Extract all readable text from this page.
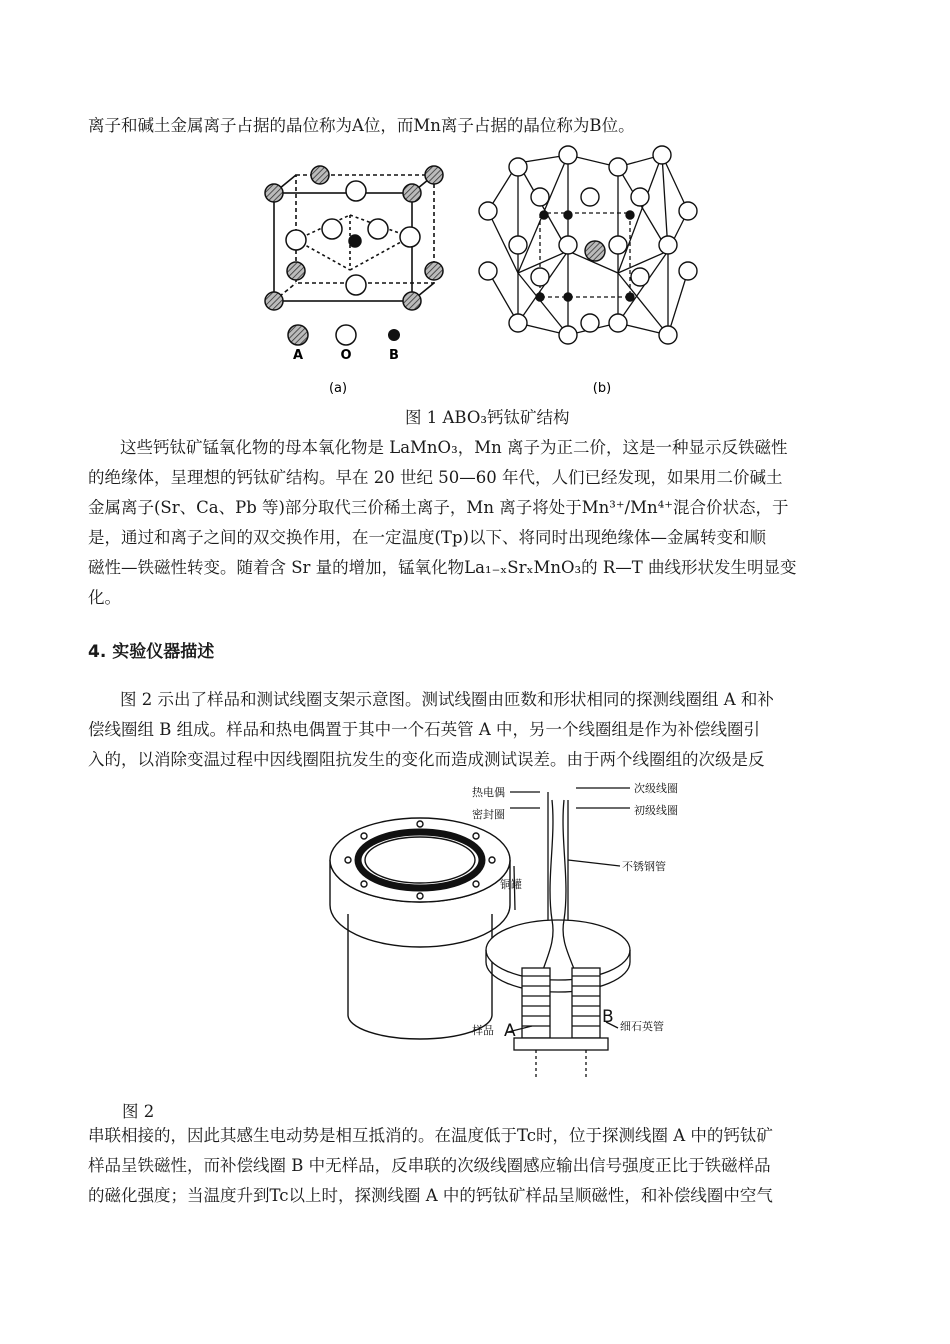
离子和碱土金属离子占据的晶位称为A位，而Mn离子占据的晶位称为B位。
A	O	B
(a)	(b)
图 1 ABO₃钙钛矿结构
这些钙钛矿锰氧化物的母本氧化物是 LaMnO₃，Mn 离子为正二价，这是一种显示反铁磁性
的绝缘体，呈理想的钙钛矿结构。早在 20 世纪 50—60 年代，人们已经发现，如果用二价碱土
金属离子(Sr、Ca、Pb 等)部分取代三价稀土离子，Mn 离子将处于Mn³⁺/Mn⁴⁺混合价状态，于
是，通过和离子之间的双交换作用，在一定温度(Tp)以下、将同时出现绝缘体—金属转变和顺
磁性—铁磁性转变。随着含 Sr 量的增加，锰氧化物La₁₋ₓSrₓMnO₃的 R—T 曲线形状发生明显变
化。
4. 实验仪器描述
图 2 示出了样品和测试线圈支架示意图。测试线圈由匝数和形状相同的探测线圈组 A 和补
偿线圈组 B 组成。样品和热电偶置于其中一个石英管 A 中，另一个线圈组是作为补偿线圈引
入的，以消除变温过程中因线圈阻抗发生的变化而造成测试误差。由于两个线圈组的次级是反
热电偶
密封圈
次级线圈
初级线圈
不锈钢管
铜罐
样品 A
B 细石英管
图 2
串联相接的，因此其感生电动势是相互抵消的。在温度低于Tc时，位于探测线圈 A 中的钙钛矿
样品呈铁磁性，而补偿线圈 B 中无样品，反串联的次级线圈感应输出信号强度正比于铁磁样品
的磁化强度；当温度升到Tc以上时，探测线圈 A 中的钙钛矿样品呈顺磁性，和补偿线圈中空气
